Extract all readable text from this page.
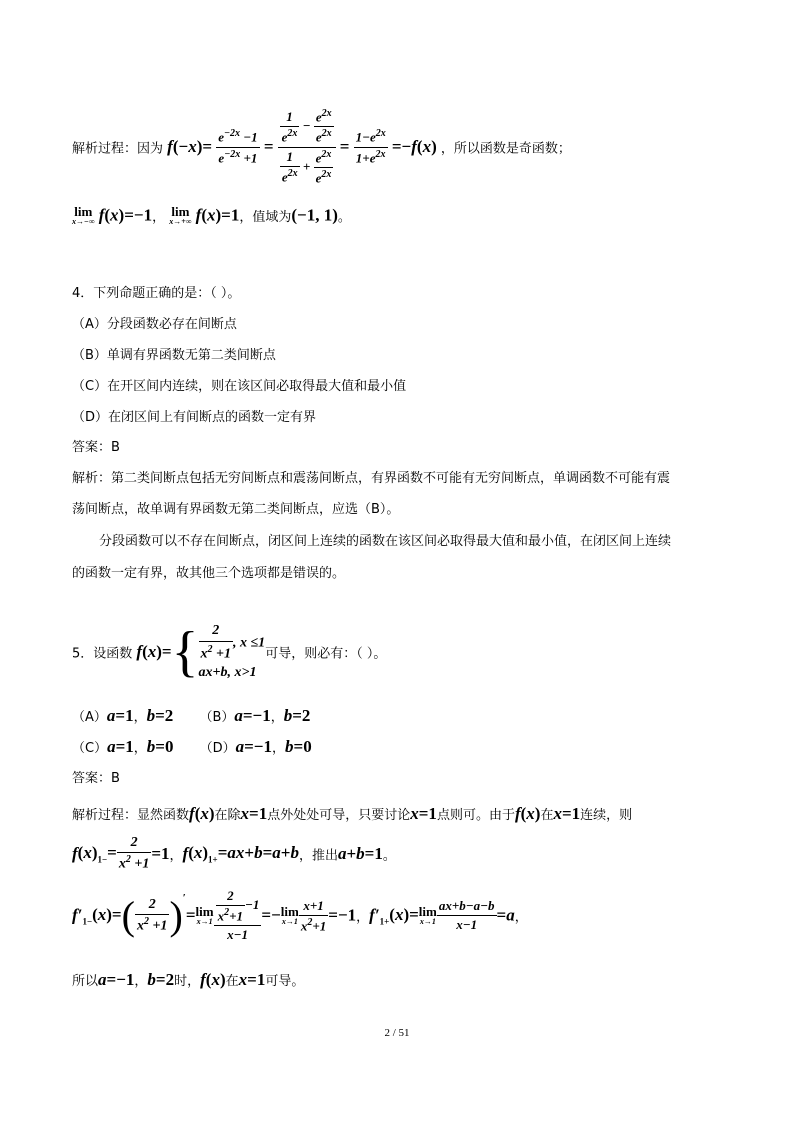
解析过程：因为 $f(-x)= \frac{e^{-2x} -1}{e^{-2x} +1} = \frac{\frac{1}{e^{2x}} - \frac{e^{2x}}{e^{2x}}}{\frac{1}{e^{2x}} + \frac{e^{2x}}{e^{2x}}} = \frac{1-e^{2x}}{1+e^{2x}} =-f(x)$ ，所以函数是奇函数；
lim
x→−∞ f(x)=−1， lim
x→+∞ f(x)=1，值域为(−1, 1)。
4．下列命题正确的是：（ ）。
（A）分段函数必存在间断点
（B）单调有界函数无第二类间断点
（C）在开区间内连续，则在该区间必取得最大值和最小值
（D）在闭区间上有间断点的函数一定有界
答案：B
解析：第二类间断点包括无穷间断点和震荡间断点，有界函数不可能有无穷间断点，单调函数不可能有震
荡间断点，故单调有界函数无第二类间断点，应选（B）。
分段函数可以不存在间断点，闭区间上连续的函数在该区间必取得最大值和最小值，在闭区间上连续
的函数一定有界，故其他三个选项都是错误的。
5．设函数 $f(x)=\{ \frac{2}{x^2 +1}$ , x ≤1
ax+b, x>1
可导，则必有：（ ）。
（A）a=1，b=2 （B）a=−1，b=2
（C）a=1，b=0 （D）a=−1，b=0
答案：B
解析过程：显然函数f(x)在除x=1点外处处可导，只要讨论x=1点则可。由于f(x)在x=1连续，则
$f(x)_{1-}= \frac{2}{x^2 +1} =1$，$f(x)_{1+}=ax+b=a+b$，推出a+b=1。
$f'_{1-}(x)=( \frac{2}{x^2 +1} )'= \lim$
$x\to 1 \frac{\frac{2}{x^2+1} -1}{x-1} =- \lim$
$x\to 1 \frac{x+1}{x^2+1} =-1$，$f'_{1+}(x)= \lim$
$x\to 1 \frac{ax+b-a-b}{x-1} =a$，
所以a=−1，b=2时，f(x)在x=1可导。
2 / 51
